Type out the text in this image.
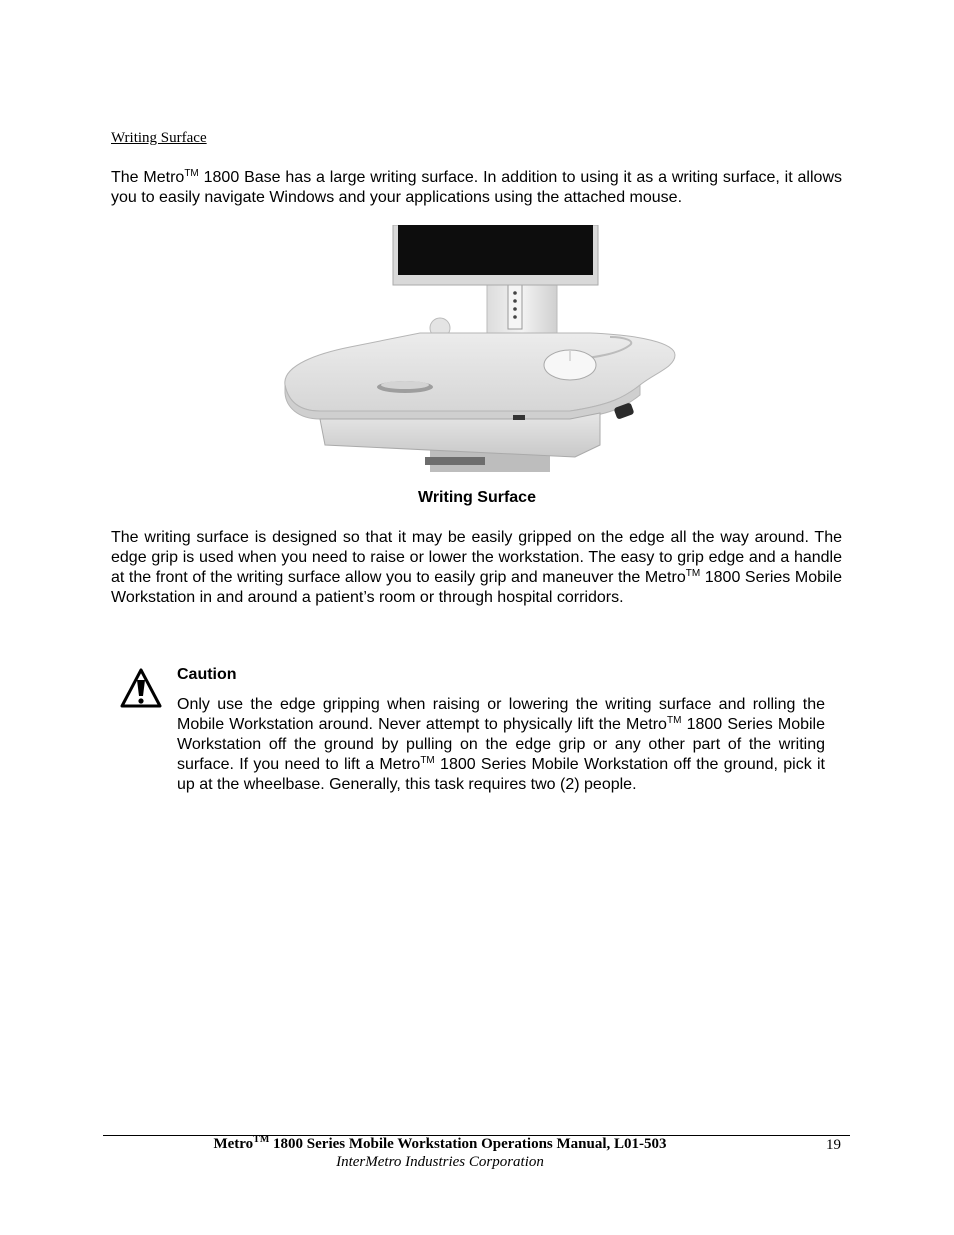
Writing Surface

The Metro™ 1800 Base has a large writing surface. In addition to using it as a writing surface, it allows you to easily navigate Windows and your applications using the attached mouse.

Writing Surface

The writing surface is designed so that it may be easily gripped on the edge all the way around. The edge grip is used when you need to raise or lower the workstation. The easy to grip edge and a handle at the front of the writing surface allow you to easily grip and maneuver the Metro™ 1800 Series Mobile Workstation in and around a patient’s room or through hospital corridors.

Caution

Only use the edge gripping when raising or lowering the writing surface and rolling the Mobile Workstation around. Never attempt to physically lift the Metro™ 1800 Series Mobile Workstation off the ground by pulling on the edge grip or any other part of the writing surface. If you need to lift a Metro™ 1800 Series Mobile Workstation off the ground, pick it up at the wheelbase. Generally, this task requires two (2) people.

Metro™ 1800 Series Mobile Workstation Operations Manual, L01-503
InterMetro Industries Corporation
19
